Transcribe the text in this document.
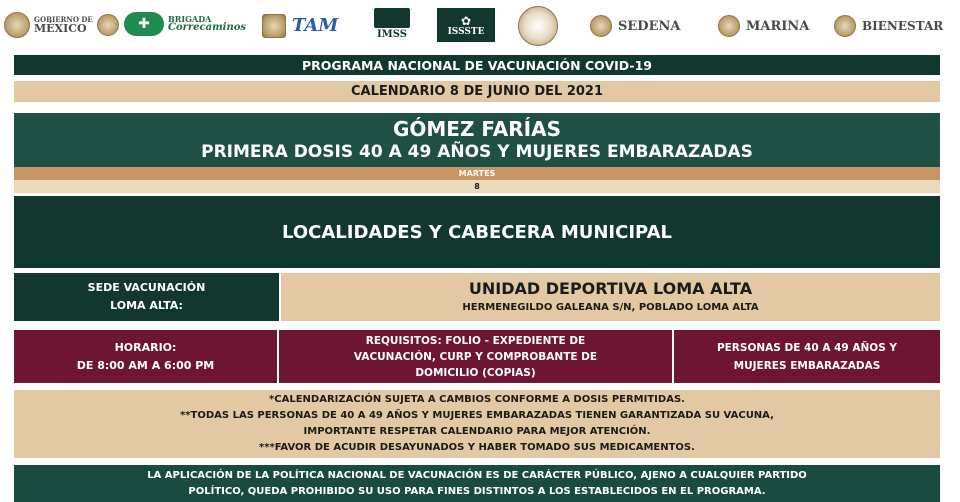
GOBIERNO DE
MÉXICO	✚ BRIGADA
Correcaminos	TAM	IMSS
✿
ISSSTE	SEDENA	MARINA	BIENESTAR
PROGRAMA NACIONAL DE VACUNACIÓN COVID-19
CALENDARIO 8 DE JUNIO DEL 2021
GÓMEZ FARÍAS
PRIMERA DOSIS 40 A 49 AÑOS Y MUJERES EMBARAZADAS
MARTES
8
LOCALIDADES Y CABECERA MUNICIPAL
SEDE VACUNACIÓN
LOMA ALTA:
UNIDAD DEPORTIVA LOMA ALTA
HERMENEGILDO GALEANA S/N, POBLADO LOMA ALTA
HORARIO:
DE 8:00 AM A 6:00 PM
REQUISITOS: FOLIO - EXPEDIENTE DE
VACUNACIÓN, CURP Y COMPROBANTE DE
DOMICILIO (COPIAS)
PERSONAS DE 40 A 49 AÑOS Y
MUJERES EMBARAZADAS
*CALENDARIZACIÓN SUJETA A CAMBIOS CONFORME A DOSIS PERMITIDAS.
**TODAS LAS PERSONAS DE 40 A 49 AÑOS Y MUJERES EMBARAZADAS TIENEN GARANTIZADA SU VACUNA,
IMPORTANTE RESPETAR CALENDARIO PARA MEJOR ATENCIÓN.
***FAVOR DE ACUDIR DESAYUNADOS Y HABER TOMADO SUS MEDICAMENTOS.
LA APLICACIÓN DE LA POLÍTICA NACIONAL DE VACUNACIÓN ES DE CARÁCTER PÚBLICO, AJENO A CUALQUIER PARTIDO
POLÍTICO, QUEDA PROHIBIDO SU USO PARA FINES DISTINTOS A LOS ESTABLECIDOS EN EL PROGRAMA.
